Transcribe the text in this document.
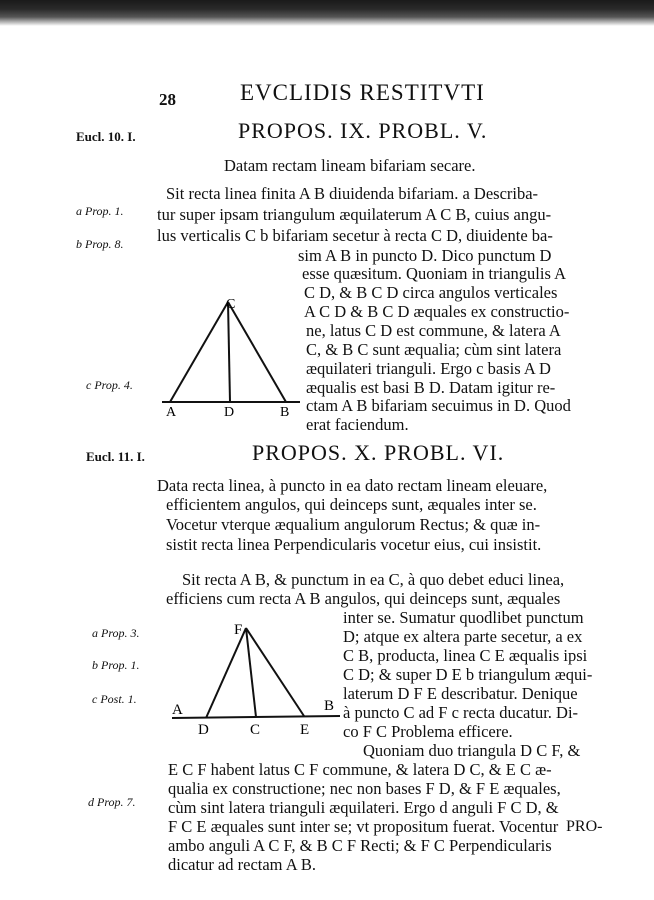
28	EVCLIDIS RESTITVTI
Eucl. 10. I.	PROPOS. IX. PROBL. V.
Datam rectam lineam bifariam secare.
a Prop. 1.
b Prop. 8.
c Prop. 4.
Sit recta linea finita A B diuidenda bifariam. a Describa-
tur super ipsam triangulum æquilaterum A C B, cuius angu-
lus verticalis C b bifariam secetur à recta C D, diuidente ba-
sim A B in puncto D. Dico punctum D
esse quæsitum. Quoniam in triangulis A
C D, & B C D circa angulos verticales
A C D & B C D æquales ex constructio-
ne, latus C D est commune, & latera A
C, & B C sunt æqualia; cùm sint latera
æquilateri trianguli. Ergo c basis A D
æqualis est basi B D. Datam igitur re-
ctam A B bifariam secuimus in D. Quod
erat faciendum.
C
A	D	B
Eucl. 11. I.	PROPOS. X. PROBL. VI.
Data recta linea, à puncto in ea dato rectam lineam eleuare,
efficientem angulos, qui deinceps sunt, æquales inter se.
Vocetur vterque æqualium angulorum Rectus; & quæ in-
sistit recta linea Perpendicularis vocetur eius, cui insistit.
a Prop. 3.
b Prop. 1.
c Post. 1.
d Prop. 7.
Sit recta A B, & punctum in ea C, à quo debet educi linea,
efficiens cum recta A B angulos, qui deinceps sunt, æquales
inter se. Sumatur quodlibet punctum
D; atque ex altera parte secetur, a ex
C B, producta, linea C E æqualis ipsi
C D; & super D E b triangulum æqui-
laterum D F E describatur. Denique
à puncto C ad F c recta ducatur. Di-
co F C Problema efficere.
Quoniam duo triangula D C F, &
E C F habent latus C F commune, & latera D C, & E C æ-
qualia ex constructione; nec non bases F D, & F E æquales,
cùm sint latera trianguli æquilateri. Ergo d anguli F C D, &
F C E æquales sunt inter se; vt propositum fuerat. Vocentur
ambo anguli A C F, & B C F Recti; & F C Perpendicularis
dicatur ad rectam A B.
PRO-
F
A
D	C	E
B
